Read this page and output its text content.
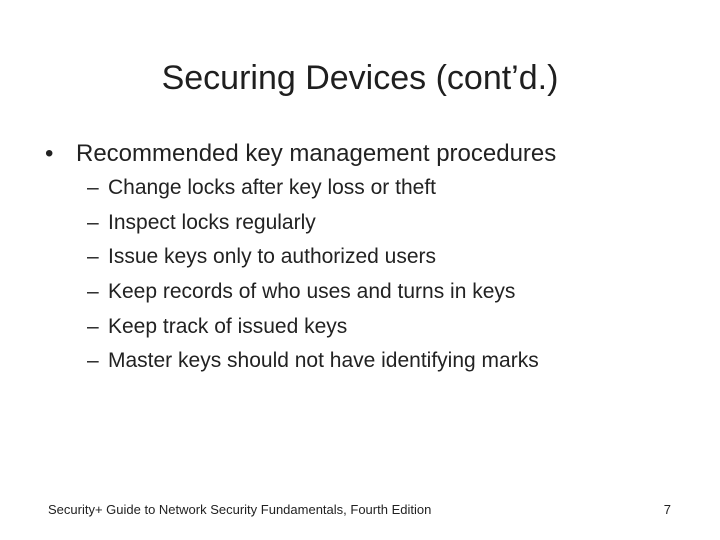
Securing Devices (cont’d.)
• Recommended key management procedures
– Change locks after key loss or theft
– Inspect locks regularly
– Issue keys only to authorized users
– Keep records of who uses and turns in keys
– Keep track of issued keys
– Master keys should not have identifying marks
Security+ Guide to Network Security Fundamentals, Fourth Edition	7
